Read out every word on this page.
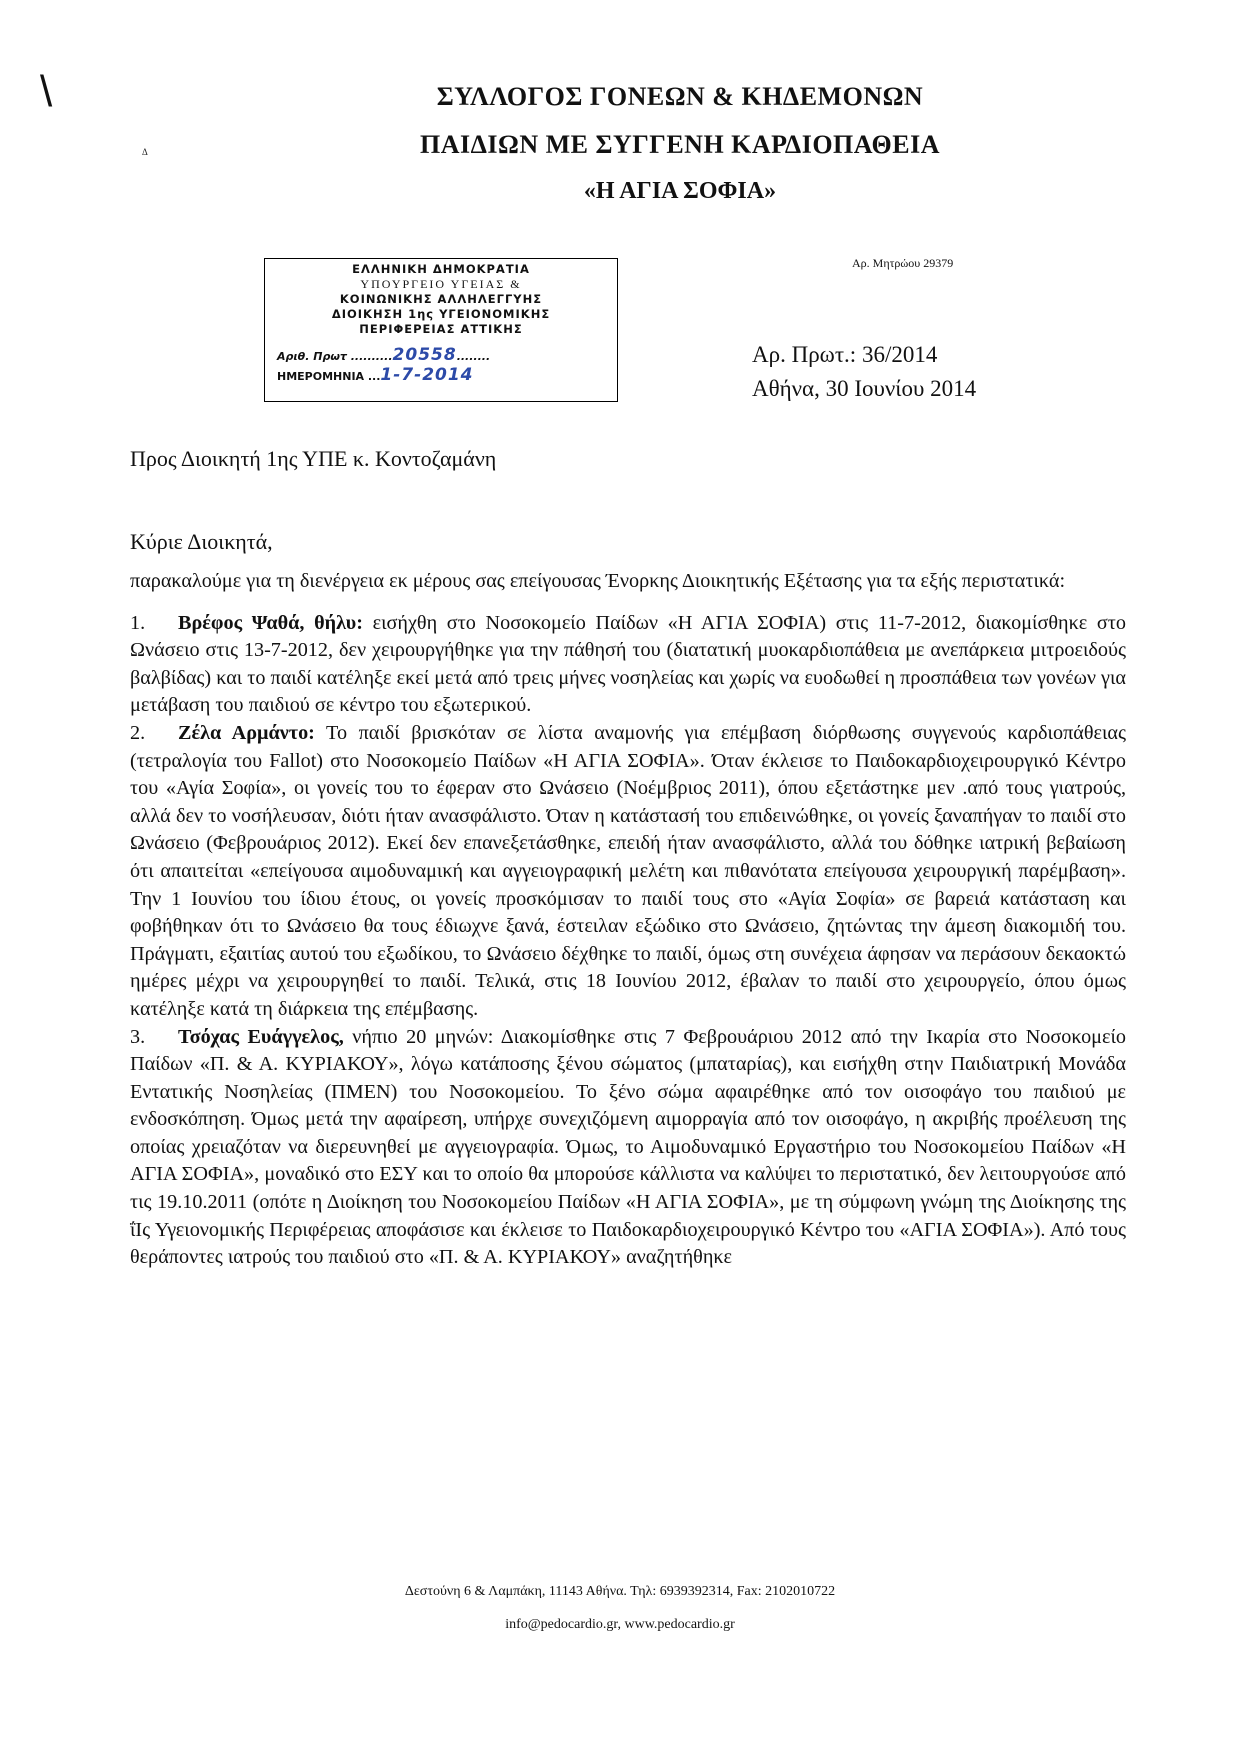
\
Δ
ΣΥΛΛΟΓΟΣ ΓΟΝΕΩΝ & ΚΗΔΕΜΟΝΩΝ
ΠΑΙΔΙΩΝ ΜΕ ΣΥΓΓΕΝΗ ΚΑΡΔΙΟΠΑΘΕΙΑ
«Η ΑΓΙΑ ΣΟΦΙΑ»
ΕΛΛΗΝΙΚΗ ΔΗΜΟΚΡΑΤΙΑ
ΥΠΟΥΡΓΕΙΟ ΥΓΕΙΑΣ &
ΚΟΙΝΩΝΙΚΗΣ ΑΛΛΗΛΕΓΓΥΗΣ
ΔΙΟΙΚΗΣΗ 1ης ΥΓΕΙΟΝΟΜΙΚΗΣ
ΠΕΡΙΦΕΡΕΙΑΣ ΑΤΤΙΚΗΣ
Αριθ. Πρωτ ..........20558........
ΗΜΕΡΟΜΗΝΙΑ ...1-7-2014
Αρ. Μητρώου 29379
Αρ. Πρωτ.: 36/2014
Αθήνα, 30 Ιουνίου 2014
Προς Διοικητή 1ης ΥΠΕ κ. Κοντοζαμάνη
Κύριε Διοικητά,

παρακαλούμε για τη διενέργεια εκ μέρους σας επείγουσας Ένορκης Διοικητικής Εξέτασης για τα εξής περιστατικά:

1. Βρέφος Ψαθά, θήλυ: εισήχθη στο Νοσοκομείο Παίδων «Η ΑΓΙΑ ΣΟΦΙΑ) στις 11-7-2012, διακομίσθηκε στο Ωνάσειο στις 13-7-2012, δεν χειρουργήθηκε για την πάθησή του (διατατική μυοκαρδιοπάθεια με ανεπάρκεια μιτροειδούς βαλβίδας) και το παιδί κατέληξε εκεί μετά από τρεις μήνες νοσηλείας και χωρίς να ευοδωθεί η προσπάθεια των γονέων για μετάβαση του παιδιού σε κέντρο του εξωτερικού.

2. Ζέλα Αρμάντο: Το παιδί βρισκόταν σε λίστα αναμονής για επέμβαση διόρθωσης συγγενούς καρδιοπάθειας (τετραλογία του Fallot) στο Νοσοκομείο Παίδων «Η ΑΓΙΑ ΣΟΦΙΑ». Όταν έκλεισε το Παιδοκαρδιοχειρουργικό Κέντρο του «Αγία Σοφία», οι γονείς του το έφεραν στο Ωνάσειο (Νοέμβριος 2011), όπου εξετάστηκε μεν .από τους γιατρούς, αλλά δεν το νοσήλευσαν, διότι ήταν ανασφάλιστο. Όταν η κατάστασή του επιδεινώθηκε, οι γονείς ξαναπήγαν το παιδί στο Ωνάσειο (Φεβρουάριος 2012). Εκεί δεν επανεξετάσθηκε, επειδή ήταν ανασφάλιστο, αλλά του δόθηκε ιατρική βεβαίωση ότι απαιτείται «επείγουσα αιμοδυναμική και αγγειογραφική μελέτη και πιθανότατα επείγουσα χειρουργική παρέμβαση». Την 1 Ιουνίου του ίδιου έτους, οι γονείς προσκόμισαν το παιδί τους στο «Αγία Σοφία» σε βαρειά κατάσταση και φοβήθηκαν ότι το Ωνάσειο θα τους έδιωχνε ξανά, έστειλαν εξώδικο στο Ωνάσειο, ζητώντας την άμεση διακομιδή του. Πράγματι, εξαιτίας αυτού του εξωδίκου, το Ωνάσειο δέχθηκε το παιδί, όμως στη συνέχεια άφησαν να περάσουν δεκαοκτώ ημέρες μέχρι να χειρουργηθεί το παιδί. Τελικά, στις 18 Ιουνίου 2012, έβαλαν το παιδί στο χειρουργείο, όπου όμως κατέληξε κατά τη διάρκεια της επέμβασης.

3. Τσόχας Ευάγγελος, νήπιο 20 μηνών: Διακομίσθηκε στις 7 Φεβρουάριου 2012 από την Ικαρία στο Νοσοκομείο Παίδων «Π. & Α. ΚΥΡΙΑΚΟΥ», λόγω κατάποσης ξένου σώματος (μπαταρίας), και εισήχθη στην Παιδιατρική Μονάδα Εντατικής Νοσηλείας (ΠΜΕΝ) του Νοσοκομείου. Το ξένο σώμα αφαιρέθηκε από τον οισοφάγο του παιδιού με ενδοσκόπηση. Όμως μετά την αφαίρεση, υπήρχε συνεχιζόμενη αιμορραγία από τον οισοφάγο, η ακριβής προέλευση της οποίας χρειαζόταν να διερευνηθεί με αγγειογραφία. Όμως, το Αιμοδυναμικό Εργαστήριο του Νοσοκομείου Παίδων «Η ΑΓΙΑ ΣΟΦΙΑ», μοναδικό στο ΕΣΥ και το οποίο θα μπορούσε κάλλιστα να καλύψει το περιστατικό, δεν λειτουργούσε από τις 19.10.2011 (οπότε η Διοίκηση του Νοσοκομείου Παίδων «Η ΑΓΙΑ ΣΟΦΙΑ», με τη σύμφωνη γνώμη της Διοίκησης της ΐΙς Υγειονομικής Περιφέρειας αποφάσισε και έκλεισε το Παιδοκαρδιοχειρουργικό Κέντρο του «ΑΓΙΑ ΣΟΦΙΑ»). Από τους θεράποντες ιατρούς του παιδιού στο «Π. & Α. ΚΥΡΙΑΚΟΥ» αναζητήθηκε

Δεστούνη 6 & Λαμπάκη, 11143 Αθήνα. Τηλ: 6939392314, Fax: 2102010722
info@pedocardio.gr, www.pedocardio.gr
